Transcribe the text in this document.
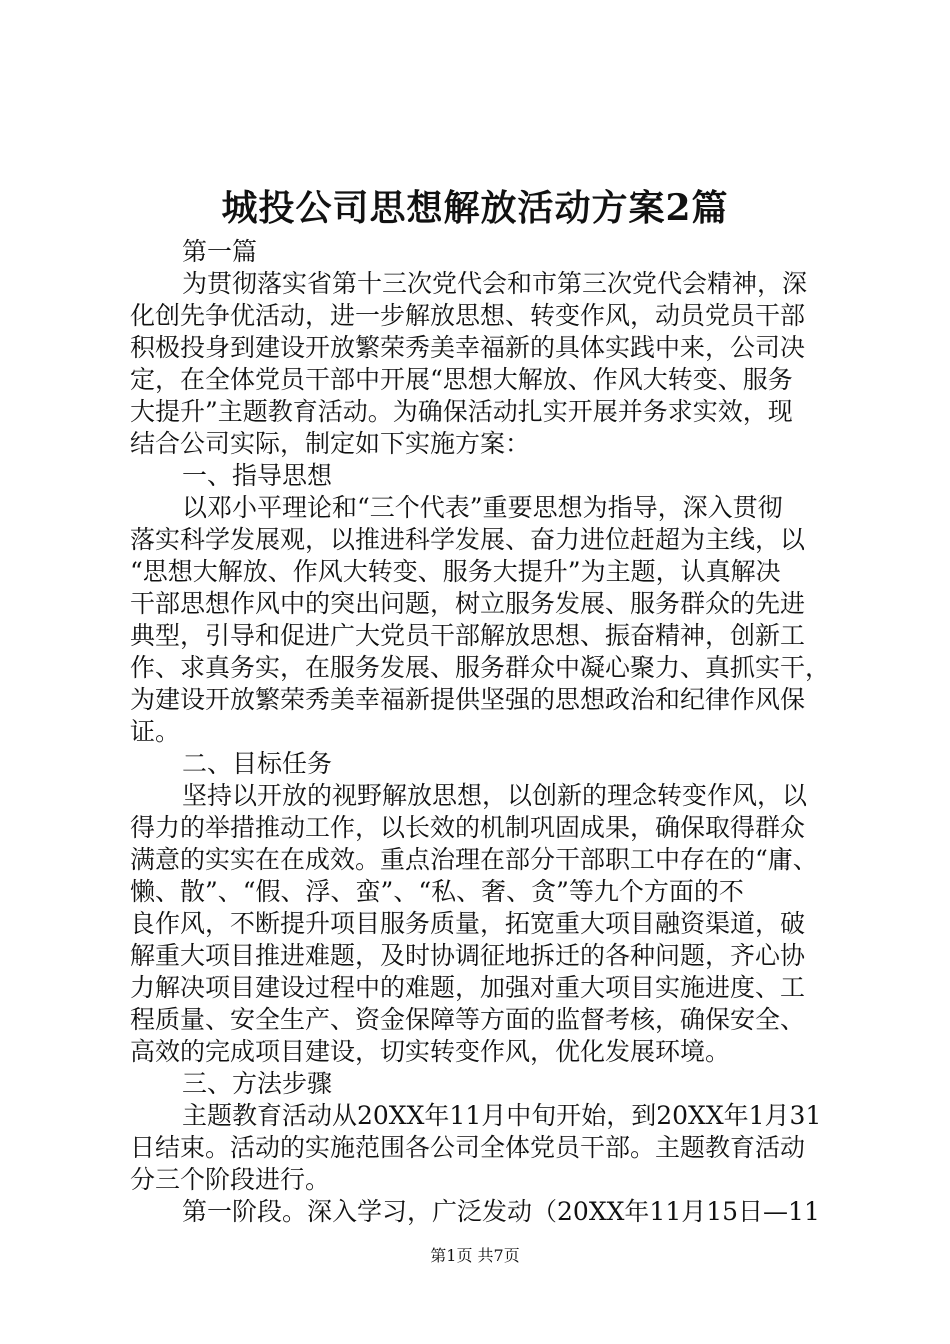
城投公司思想解放活动方案2篇
第一篇
为贯彻落实省第十三次党代会和市第三次党代会精神，深
化创先争优活动，进一步解放思想、转变作风，动员党员干部
积极投身到建设开放繁荣秀美幸福新的具体实践中来，公司决
定，在全体党员干部中开展“思想大解放、作风大转变、服务
大提升”主题教育活动。为确保活动扎实开展并务求实效，现
结合公司实际，制定如下实施方案：
一、指导思想
以邓小平理论和“三个代表”重要思想为指导，深入贯彻
落实科学发展观，以推进科学发展、奋力进位赶超为主线，以
“思想大解放、作风大转变、服务大提升”为主题，认真解决
干部思想作风中的突出问题，树立服务发展、服务群众的先进
典型，引导和促进广大党员干部解放思想、振奋精神，创新工
作、求真务实，在服务发展、服务群众中凝心聚力、真抓实干，
为建设开放繁荣秀美幸福新提供坚强的思想政治和纪律作风保
证。
二、目标任务
坚持以开放的视野解放思想，以创新的理念转变作风，以
得力的举措推动工作，以长效的机制巩固成果，确保取得群众
满意的实实在在成效。重点治理在部分干部职工中存在的“庸、
懒、散”、“假、浮、蛮”、“私、奢、贪”等九个方面的不
良作风，不断提升项目服务质量，拓宽重大项目融资渠道，破
解重大项目推进难题，及时协调征地拆迁的各种问题，齐心协
力解决项目建设过程中的难题，加强对重大项目实施进度、工
程质量、安全生产、资金保障等方面的监督考核，确保安全、
高效的完成项目建设，切实转变作风，优化发展环境。
三、方法步骤
主题教育活动从20XX年11月中旬开始，到20XX年1月31
日结束。活动的实施范围各公司全体党员干部。主题教育活动
分三个阶段进行。
第一阶段。深入学习，广泛发动（20XX年11月15日—11
第1页 共7页
